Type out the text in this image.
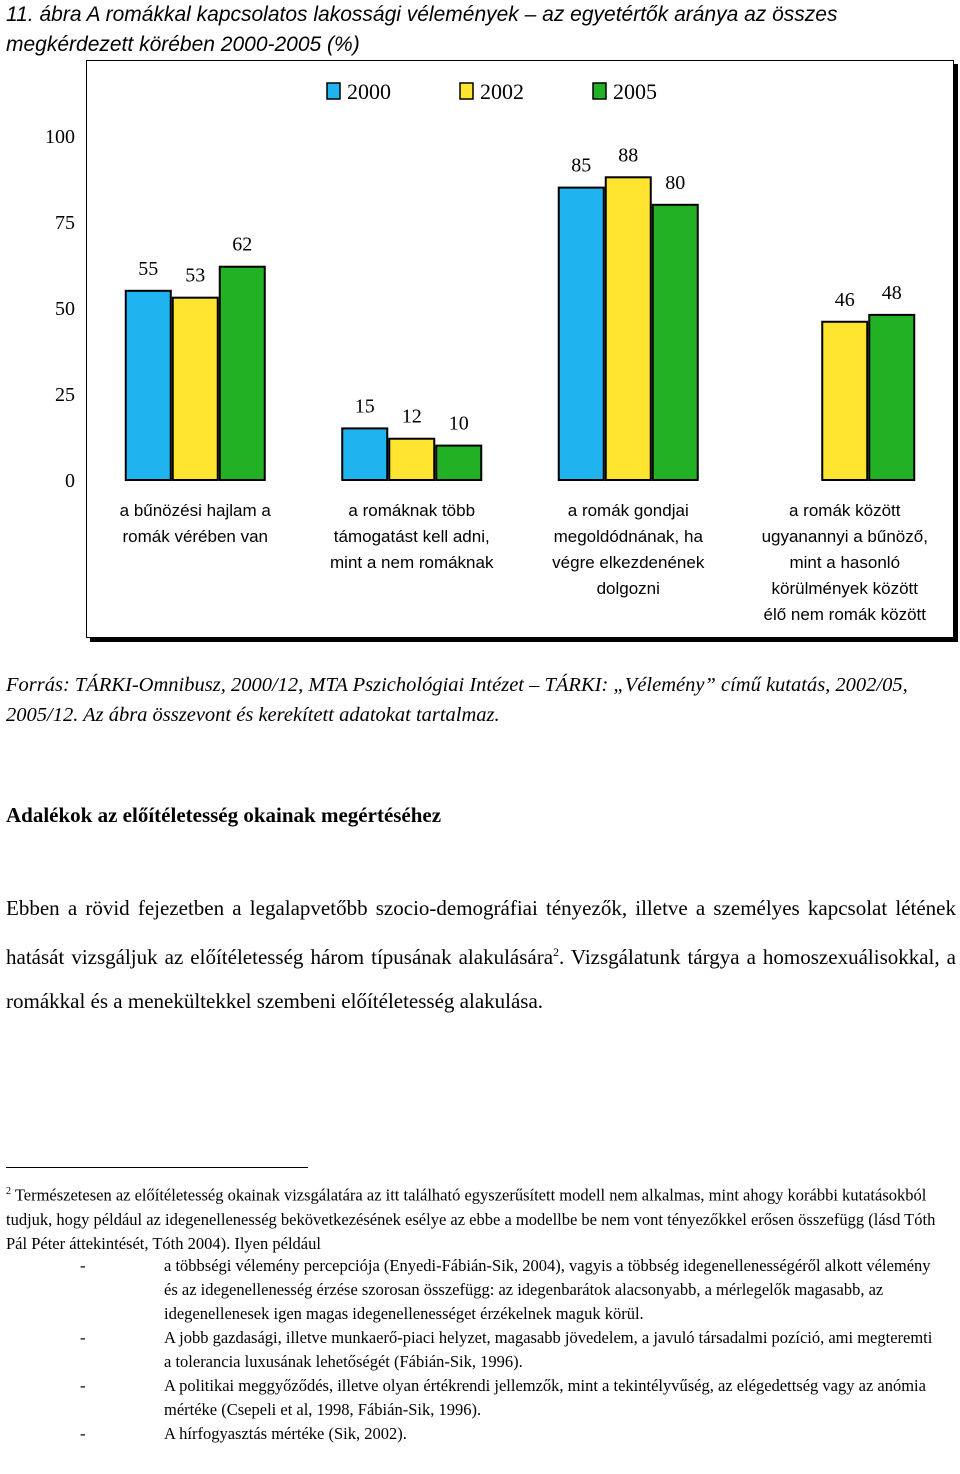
11. ábra A romákkal kapcsolatos lakossági vélemények – az egyetértők aránya az összes megkérdezett körében 2000-2005 (%)
0
25
50
75
100
2000	2002	2005
55 53
62
a bűnözési hajlam a
romák vérében van
15 12 10
a romáknak több
támogatást kell adni,
mint a nem romáknak
85 88
80
a romák gondjai
megoldódnának, ha
végre elkezdenének
dolgozni
46 48
a romák között
ugyanannyi a bűnöző,
mint a hasonló
körülmények között
élő nem romák között
Forrás: TÁRKI-Omnibusz, 2000/12, MTA Pszichológiai Intézet – TÁRKI: „Vélemény” című kutatás, 2002/05, 2005/12. Az ábra összevont és kerekített adatokat tartalmaz.
Adalékok az előítéletesség okainak megértéséhez
Ebben a rövid fejezetben a legalapvetőbb szocio-demográfiai tényezők, illetve a személyes kapcsolat létének hatását vizsgáljuk az előítéletesség három típusának alakulására$^2$. Vizsgálatunk tárgya a homoszexuálisokkal, a romákkal és a menekültekkel szembeni előítéletesség alakulása.
$^2$ Természetesen az előítéletesség okainak vizsgálatára az itt található egyszerűsített modell nem alkalmas, mint ahogy korábbi kutatásokból tudjuk, hogy például az idegenellenesség bekövetkezésének esélye az ebbe a modellbe be nem vont tényezőkkel erősen összefügg (lásd Tóth Pál Péter áttekintését, Tóth 2004). Ilyen például
-	a többségi vélemény percepciója (Enyedi-Fábián-Sik, 2004), vagyis a többség idegenellenességéről alkott vélemény és az idegenellenesség érzése szorosan összefügg: az idegenbarátok alacsonyabb, a mérlegelők magasabb, az idegenellenesek igen magas idegenellenességet érzékelnek maguk körül.
-	A jobb gazdasági, illetve munkaerő-piaci helyzet, magasabb jövedelem, a javuló társadalmi pozíció, ami megteremti a tolerancia luxusának lehetőségét (Fábián-Sik, 1996).
-	A politikai meggyőződés, illetve olyan értékrendi jellemzők, mint a tekintélyvűség, az elégedettség vagy az anómia mértéke (Csepeli et al, 1998, Fábián-Sik, 1996).
-	A hírfogyasztás mértéke (Sik, 2002).
